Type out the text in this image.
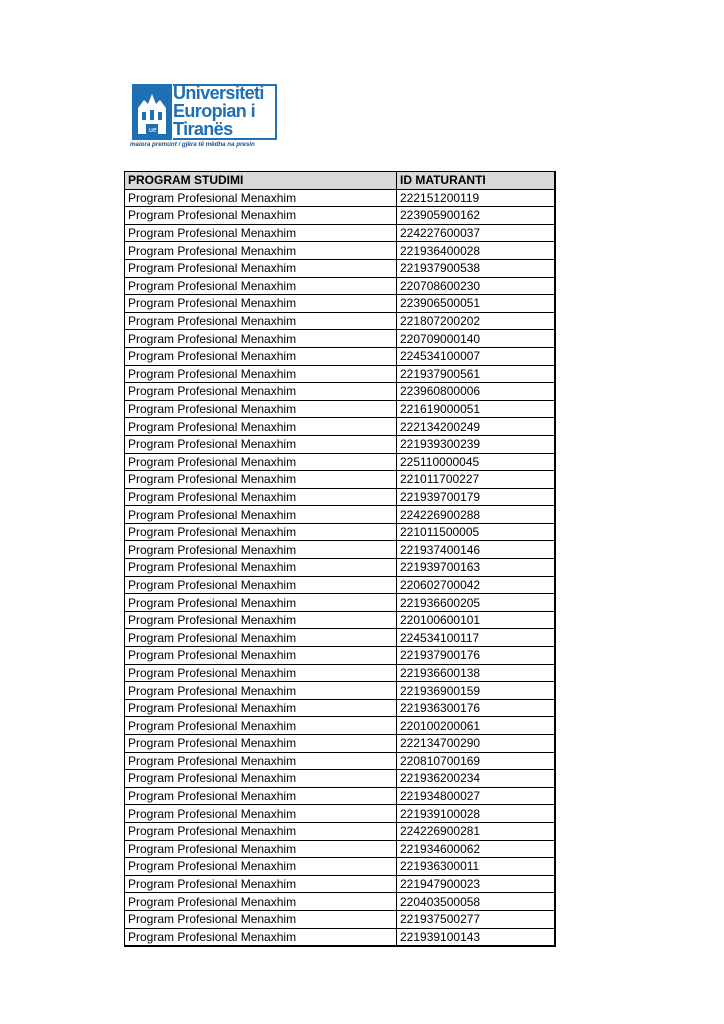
ue
Universiteti
Europian i
Tiranës
maiora premunt / gjëra të mëdha na presin
PROGRAM STUDIMI	ID MATURANTI
Program Profesional Menaxhim	222151200119
Program Profesional Menaxhim	223905900162
Program Profesional Menaxhim	224227600037
Program Profesional Menaxhim	221936400028
Program Profesional Menaxhim	221937900538
Program Profesional Menaxhim	220708600230
Program Profesional Menaxhim	223906500051
Program Profesional Menaxhim	221807200202
Program Profesional Menaxhim	220709000140
Program Profesional Menaxhim	224534100007
Program Profesional Menaxhim	221937900561
Program Profesional Menaxhim	223960800006
Program Profesional Menaxhim	221619000051
Program Profesional Menaxhim	222134200249
Program Profesional Menaxhim	221939300239
Program Profesional Menaxhim	225110000045
Program Profesional Menaxhim	221011700227
Program Profesional Menaxhim	221939700179
Program Profesional Menaxhim	224226900288
Program Profesional Menaxhim	221011500005
Program Profesional Menaxhim	221937400146
Program Profesional Menaxhim	221939700163
Program Profesional Menaxhim	220602700042
Program Profesional Menaxhim	221936600205
Program Profesional Menaxhim	220100600101
Program Profesional Menaxhim	224534100117
Program Profesional Menaxhim	221937900176
Program Profesional Menaxhim	221936600138
Program Profesional Menaxhim	221936900159
Program Profesional Menaxhim	221936300176
Program Profesional Menaxhim	220100200061
Program Profesional Menaxhim	222134700290
Program Profesional Menaxhim	220810700169
Program Profesional Menaxhim	221936200234
Program Profesional Menaxhim	221934800027
Program Profesional Menaxhim	221939100028
Program Profesional Menaxhim	224226900281
Program Profesional Menaxhim	221934600062
Program Profesional Menaxhim	221936300011
Program Profesional Menaxhim	221947900023
Program Profesional Menaxhim	220403500058
Program Profesional Menaxhim	221937500277
Program Profesional Menaxhim	221939100143
